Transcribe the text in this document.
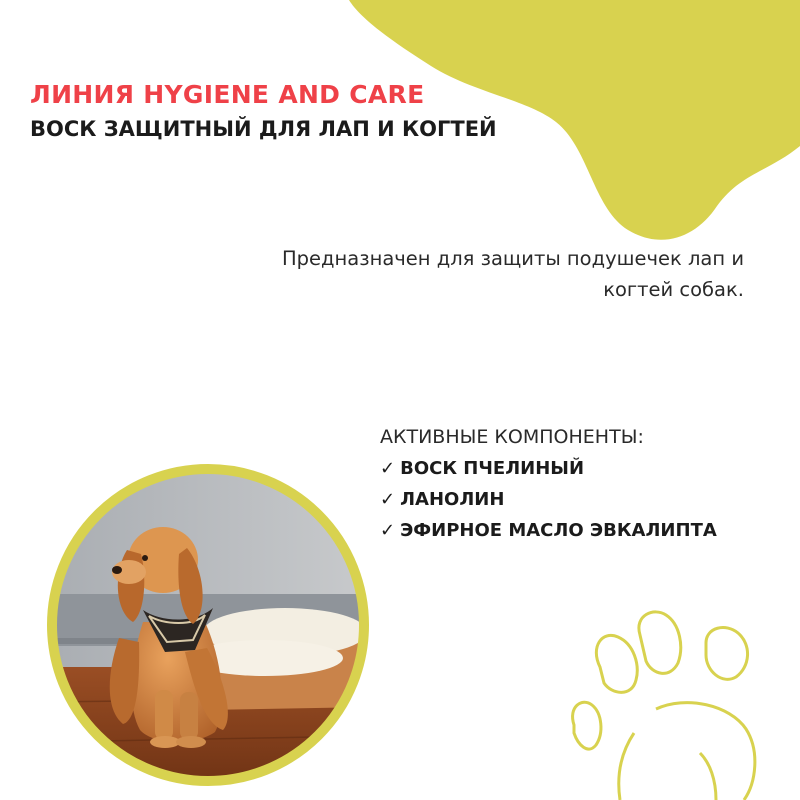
ЛИНИЯ HYGIENE AND CARE
ВОСК ЗАЩИТНЫЙ ДЛЯ ЛАП И КОГТЕЙ

Предназначен для защиты подушечек лап и когтей собак.

АКТИВНЫЕ КОМПОНЕНТЫ:

✓ ВОСК ПЧЕЛИНЫЙ
✓ ЛАНОЛИН
✓ ЭФИРНОЕ МАСЛО ЭВКАЛИПТА
